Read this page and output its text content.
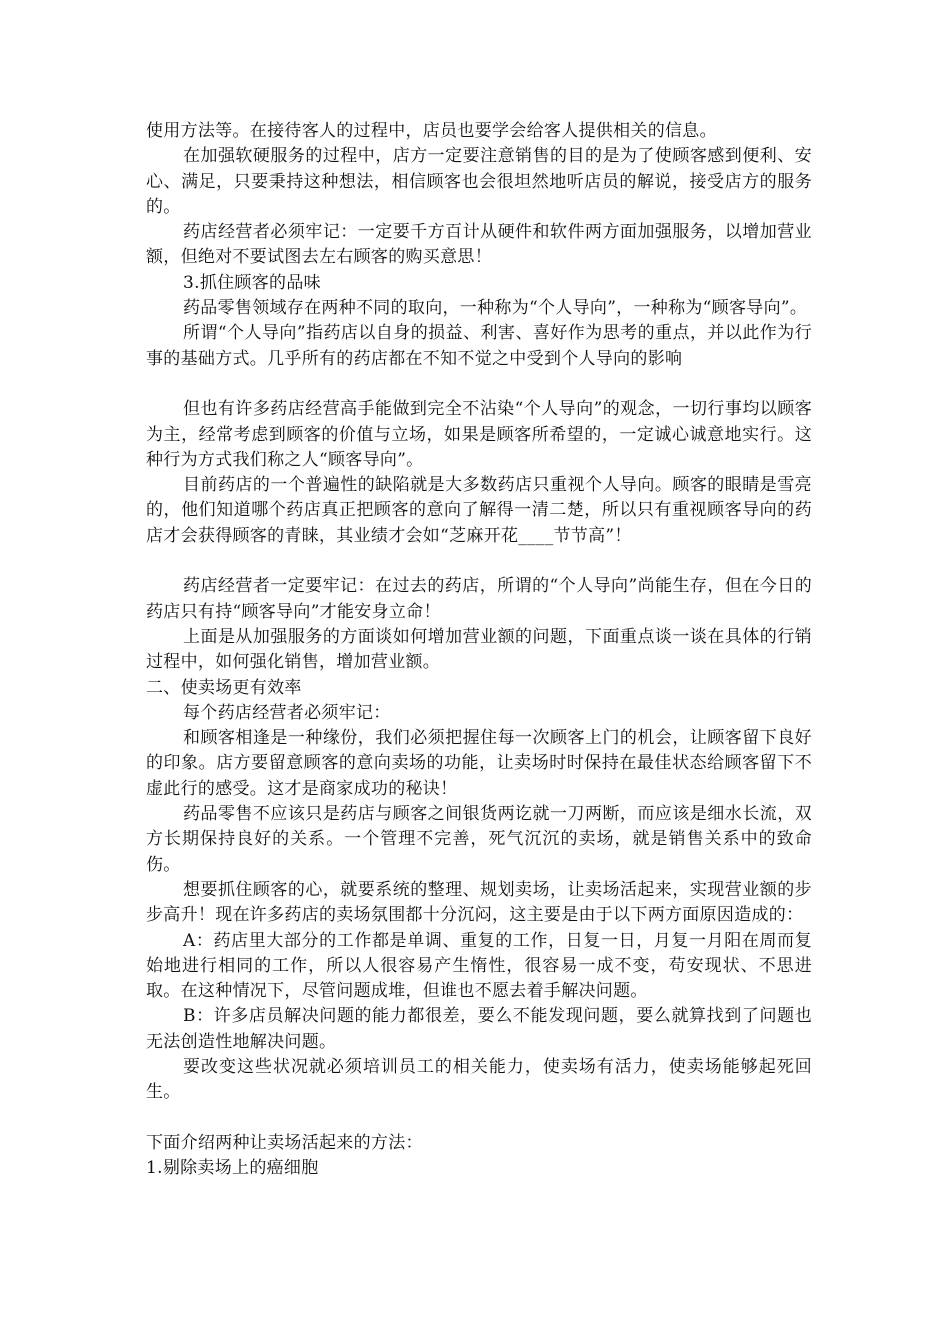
使用方法等。在接待客人的过程中，店员也要学会给客人提供相关的信息。

在加强软硬服务的过程中，店方一定要注意销售的目的是为了使顾客感到便利、安心、满足，只要秉持这种想法，相信顾客也会很坦然地听店员的解说，接受店方的服务的。

药店经营者必须牢记：一定要千方百计从硬件和软件两方面加强服务，以增加营业额，但绝对不要试图去左右顾客的购买意思！

3.抓住顾客的品味

药品零售领域存在两种不同的取向，一种称为“个人导向”，一种称为“顾客导向”。

所谓“个人导向”指药店以自身的损益、利害、喜好作为思考的重点，并以此作为行事的基础方式。几乎所有的药店都在不知不觉之中受到个人导向的影响

但也有许多药店经营高手能做到完全不沾染“个人导向”的观念，一切行事均以顾客为主，经常考虑到顾客的价值与立场，如果是顾客所希望的，一定诚心诚意地实行。这种行为方式我们称之人“顾客导向”。

目前药店的一个普遍性的缺陷就是大多数药店只重视个人导向。顾客的眼睛是雪亮的，他们知道哪个药店真正把顾客的意向了解得一清二楚，所以只有重视顾客导向的药店才会获得顾客的青睐，其业绩才会如“芝麻开花____节节高”！

药店经营者一定要牢记：在过去的药店，所谓的“个人导向”尚能生存，但在今日的药店只有持“顾客导向”才能安身立命！

上面是从加强服务的方面谈如何增加营业额的问题，下面重点谈一谈在具体的行销过程中，如何强化销售，增加营业额。

二、使卖场更有效率

每个药店经营者必须牢记：

和顾客相逢是一种缘份，我们必须把握住每一次顾客上门的机会，让顾客留下良好的印象。店方要留意顾客的意向卖场的功能，让卖场时时保持在最佳状态给顾客留下不虚此行的感受。这才是商家成功的秘诀！

药品零售不应该只是药店与顾客之间银货两讫就一刀两断，而应该是细水长流，双方长期保持良好的关系。一个管理不完善，死气沉沉的卖场，就是销售关系中的致命伤。

想要抓住顾客的心，就要系统的整理、规划卖场，让卖场活起来，实现营业额的步步高升！现在许多药店的卖场氛围都十分沉闷，这主要是由于以下两方面原因造成的：

A：药店里大部分的工作都是单调、重复的工作，日复一日，月复一月阳在周而复始地进行相同的工作，所以人很容易产生惰性，很容易一成不变，苟安现状、不思进取。在这种情况下，尽管问题成堆，但谁也不愿去着手解决问题。

B：许多店员解决问题的能力都很差，要么不能发现问题，要么就算找到了问题也无法创造性地解决问题。

要改变这些状况就必须培训员工的相关能力，使卖场有活力，使卖场能够起死回生。

下面介绍两种让卖场活起来的方法：

1.剔除卖场上的癌细胞
